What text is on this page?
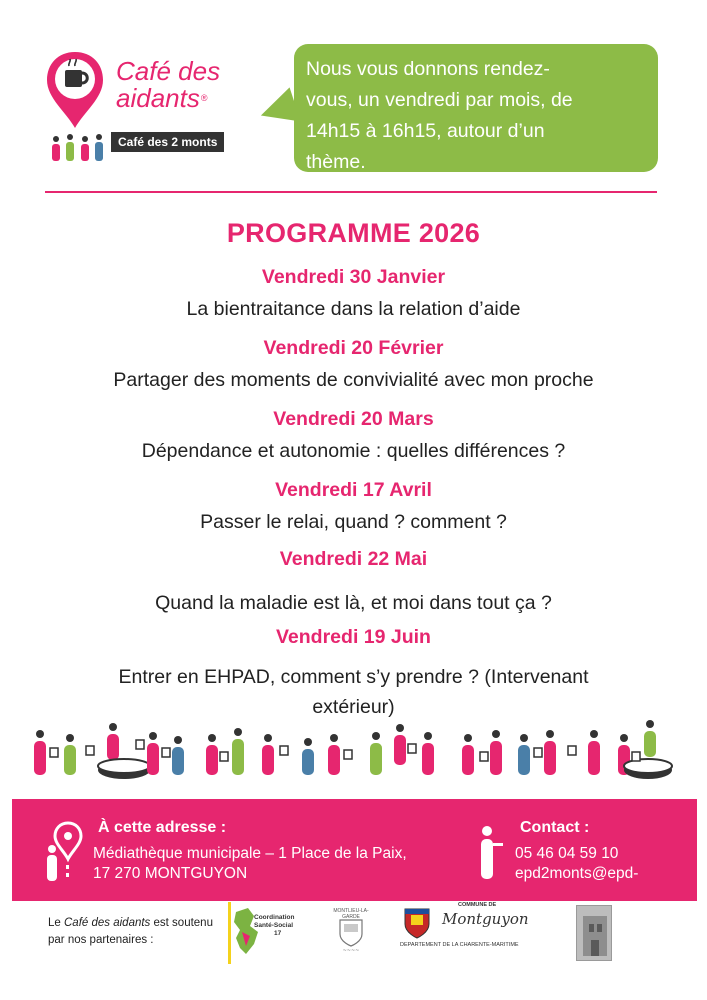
Café des
aidants®
Café des 2 monts
Nous vous donnons rendez-
vous, un vendredi par mois, de
14h15 à 16h15, autour d’un
thème.
PROGRAMME 2026
Vendredi 30 Janvier
La bientraitance dans la relation d’aide
Vendredi 20 Février
Partager des moments de convivialité avec mon proche
Vendredi 20 Mars
Dépendance et autonomie : quelles différences ?
Vendredi 17 Avril
Passer le relai, quand ? comment ?
Vendredi 22 Mai
Quand la maladie est là, et moi dans tout ça ?
Vendredi 19 Juin
Entrer en EHPAD, comment s’y prendre ? (Intervenant
extérieur)
À cette adresse :
Médiathèque municipale – 1 Place de la Paix,
17 270 MONTGUYON
Contact :
05 46 04 59 10
epd2monts@epd-
Le Café des aidants est soutenu
par nos partenaires :
Coordination
Santé-Social
17
MONTLIEU-LA-GARDE
~~~~
COMMUNE DE
Montguyon
DEPARTEMENT DE LA CHARENTE-MARITIME
